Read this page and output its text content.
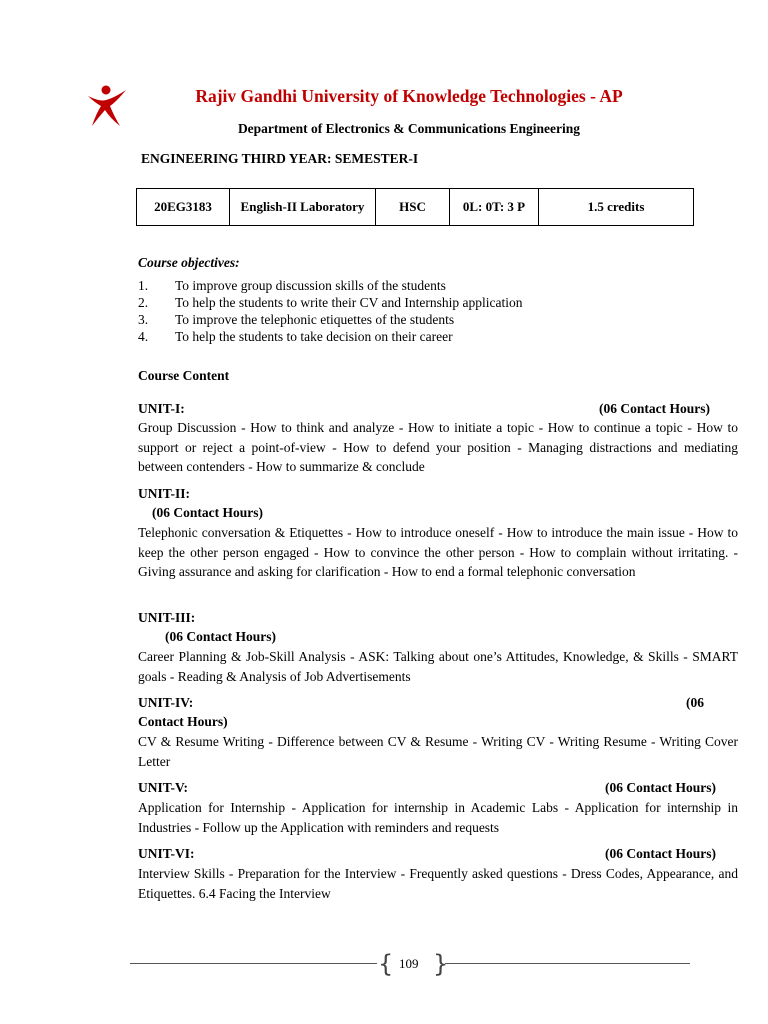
Rajiv Gandhi University of Knowledge Technologies - AP
Department of Electronics & Communications Engineering
ENGINEERING THIRD YEAR: SEMESTER-I
20EG3183	English-II Laboratory	HSC	0L: 0T: 3 P	1.5 credits
Course objectives:
1. To improve group discussion skills of the students
2. To help the students to write their CV and Internship application
3. To improve the telephonic etiquettes of the students
4. To help the students to take decision on their career
Course Content
UNIT-I:	(06 Contact Hours)
Group Discussion - How to think and analyze - How to initiate a topic - How to continue a topic - How to support or reject a point-of-view - How to defend your position - Managing distractions and mediating between contenders - How to summarize & conclude
UNIT-II:
(06 Contact Hours)
Telephonic conversation & Etiquettes - How to introduce oneself - How to introduce the main issue - How to keep the other person engaged - How to convince the other person - How to complain without irritating. - Giving assurance and asking for clarification - How to end a formal telephonic conversation
UNIT-III:
(06 Contact Hours)
Career Planning & Job-Skill Analysis - ASK: Talking about one’s Attitudes, Knowledge, & Skills - SMART goals - Reading & Analysis of Job Advertisements
UNIT-IV:	(06
Contact Hours)
CV & Resume Writing - Difference between CV & Resume - Writing CV - Writing Resume - Writing Cover Letter
UNIT-V:	(06 Contact Hours)
Application for Internship - Application for internship in Academic Labs - Application for internship in Industries - Follow up the Application with reminders and requests
UNIT-VI:	(06 Contact Hours)
Interview Skills - Preparation for the Interview - Frequently asked questions - Dress Codes, Appearance, and Etiquettes. 6.4 Facing the Interview
{ 109 }
